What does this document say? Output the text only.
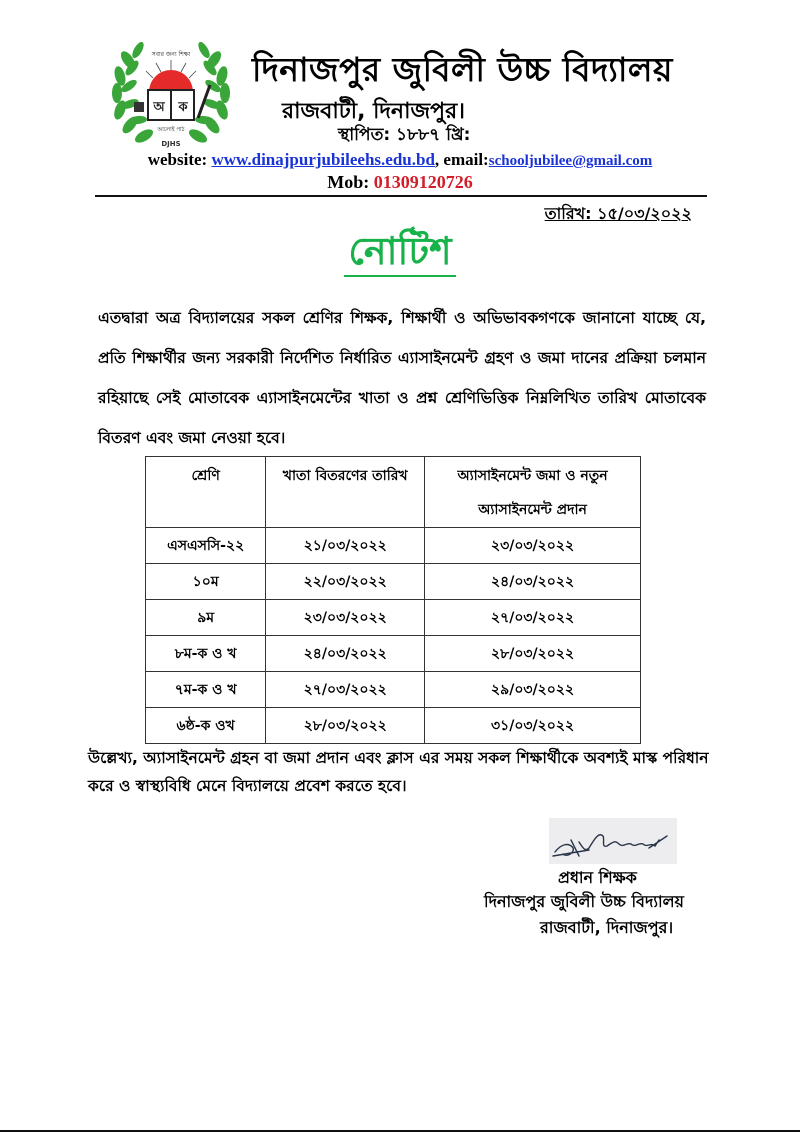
সবার জন্য শিক্ষা
অ ক
আলোই পাঠ
DJHS
দিনাজপুর জুবিলী উচ্চ বিদ্যালয়
রাজবাটী, দিনাজপুর।
স্থাপিত: ১৮৮৭ খ্রি:
website: www.dinajpurjubileehs.edu.bd, email:schooljubilee@gmail.com
Mob: 01309120726
তারিখ: ১৫/০৩/২০২২
নোটিশ
এতদ্বারা অত্র বিদ্যালয়ের সকল শ্রেণির শিক্ষক, শিক্ষার্থী ও অভিভাবকগণকে জানানো যাচ্ছে যে, প্রতি শিক্ষার্থীর জন্য সরকারী নির্দেশিত নির্ধারিত এ্যাসাইনমেন্ট গ্রহণ ও জমা দানের প্রক্রিয়া চলমান রহিয়াছে সেই মোতাবেক এ্যাসাইনমেন্টের খাতা ও প্রশ্ন শ্রেণিভিত্তিক নিম্নলিখিত তারিখ মোতাবেক বিতরণ এবং জমা নেওয়া হবে।
শ্রেণি	খাতা বিতরণের তারিখ	অ্যাসাইনমেন্ট জমা ও নতুন অ্যাসাইনমেন্ট প্রদান
এসএসসি-২২	২১/০৩/২০২২	২৩/০৩/২০২২
১০ম	২২/০৩/২০২২	২৪/০৩/২০২২
৯ম	২৩/০৩/২০২২	২৭/০৩/২০২২
৮ম-ক ও খ	২৪/০৩/২০২২	২৮/০৩/২০২২
৭ম-ক ও খ	২৭/০৩/২০২২	২৯/০৩/২০২২
৬ষ্ঠ-ক ওখ	২৮/০৩/২০২২	৩১/০৩/২০২২
উল্লেখ্য, অ্যাসাইনমেন্ট গ্রহন বা জমা প্রদান এবং ক্লাস এর সময় সকল শিক্ষার্থীকে অবশ্যই মাস্ক পরিধান করে ও স্বাস্থ্যবিধি মেনে বিদ্যালয়ে প্রবেশ করতে হবে।
প্রধান শিক্ষক
দিনাজপুর জুবিলী উচ্চ বিদ্যালয়
রাজবাটী, দিনাজপুর।
